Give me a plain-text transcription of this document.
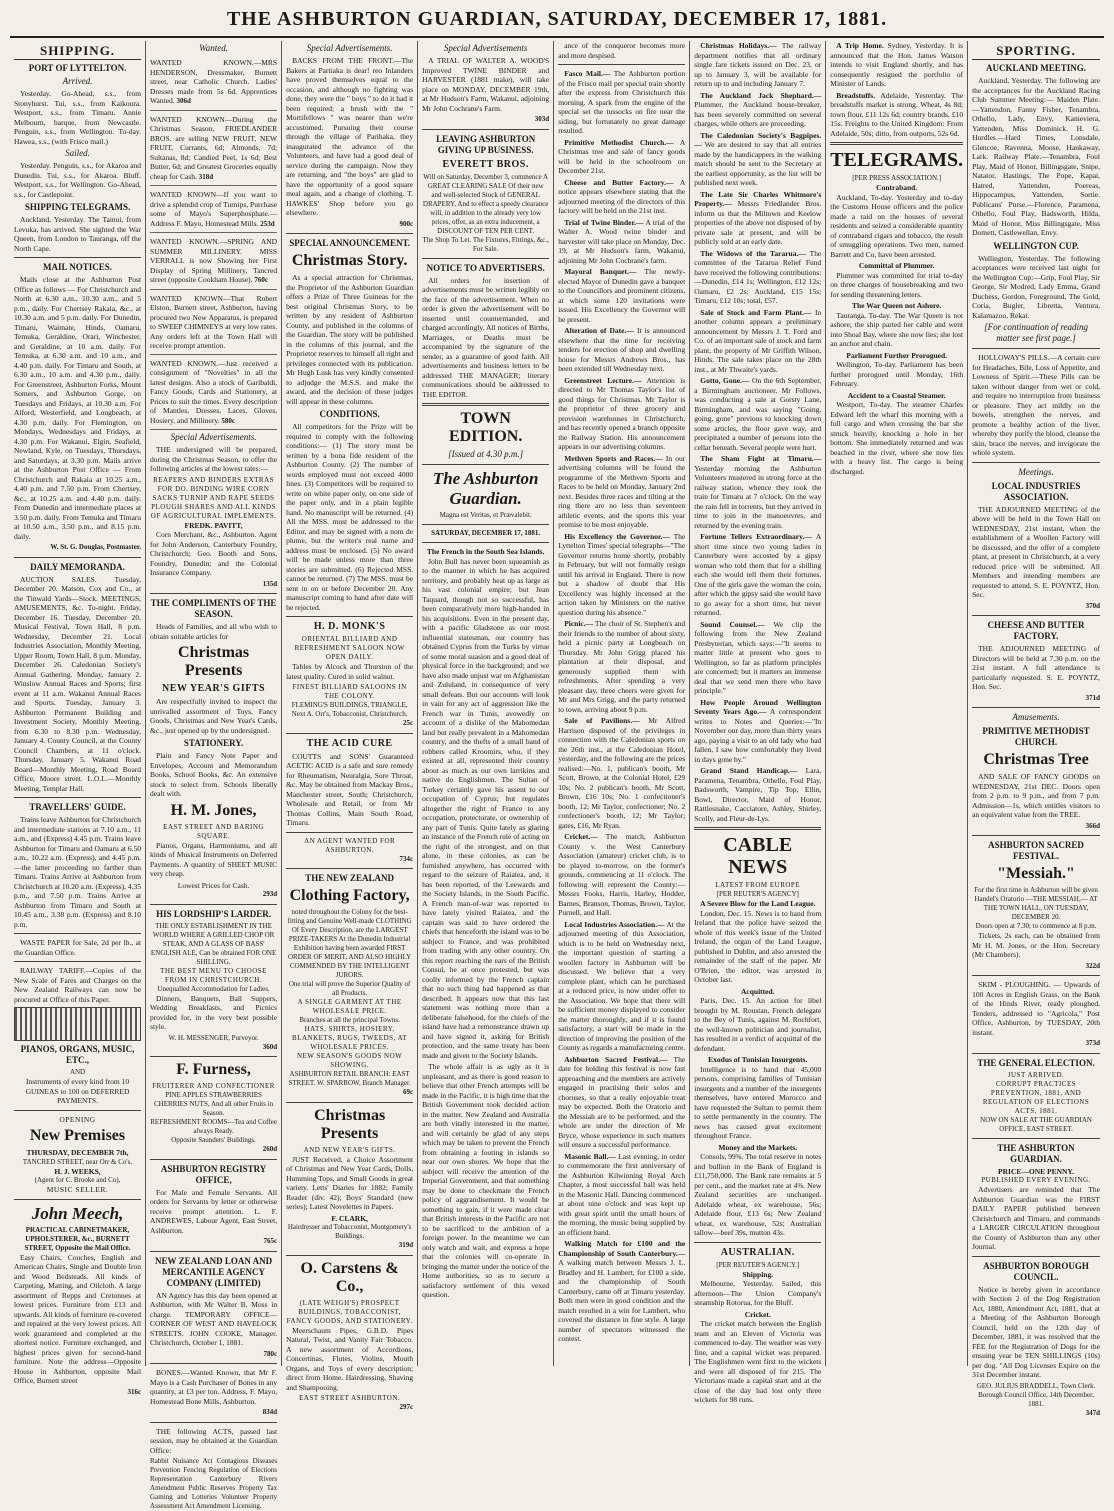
THE ASHBURTON GUARDIAN, SATURDAY, DECEMBER 17, 1881.
SHIPPING.
PORT OF LYTTELTON.
Arrived.
Yesterday. Go-Ahead, s.s., from Stonyhurst. Tui, s.s., from Kaikoura. Westport, s.s., from Timaru. Annie Melbourn, barque, from Newcastle. Penguin, s.s., from Wellington. To-day. Hawea, s.s., (with Frisco mail.)
Sailed.
Yesterday. Penguin, s.s., for Akaroa and Dunedin. Tui, s.s., for Akaroa. Bluff. Westport, s.s., for Wellington. Go-Ahead, s.s., for Castlepoint.
SHIPPING TELEGRAMS.
Auckland, Yesterday. The Tainui, from Levuka, has arrived. She sighted the War Queen, from London to Tauranga, off the North Cape.
MAIL NOTICES.
Mails close at the Ashburton Post Office as follows — For Christchurch and North at 6.30 a.m., 10.30 a.m., and 5 p.m., daily. For Chertsey Rakaia, &c., at 10.30 a.m. and 5 p.m. daily. For Dunedin, Timaru, Waimate, Hinds, Oamaru, Temuka, Geraldine, Orari, Winchester, and Geraldine, at 10 a.m. daily. For Temuka, at 6.30 a.m. and 10 a.m., and 4.40 p.m. daily. For Timaru and South, at 6.30 a.m., 10 a.m. and 4.30 p.m., daily. For Greenstreet, Ashburton Forks, Mount Somers, and Ashburton Gorge, on Tuesdays and Fridays, at 10.30 a.m. For Alford, Westerfield, and Longbeach, at 4.30 p.m. daily. For Flemington, on Mondays, Wednesdays and Fridays, at 4.30 p.m. For Wakanui, Elgin, Seafield, Newland, Kyle, on Tuesdays, Thursdays, and Saturdays, at 3.30 p.m. Mails arrive at the Ashburton Post Office — From Christchurch and Rakaia at 10.25 a.m., 4.40 p.m. and 7.50 p.m. From Chertsey, &c., at 10.25 a.m. and 4.40 p.m. daily. From Dunedin and intermediate places at 3.50 p.m. daily. From Temuka and Timaru at 10.50 a.m., 3.50 p.m., and 8.15 p.m. daily.
W. St. G. Douglas, Postmaster.
DAILY MEMORANDA.
AUCTION SALES. Tuesday, December 20. Matson, Cox and Co., at the Tinwald Yards—Stock. MEETINGS, AMUSEMENTS, &c. To-night. Friday, December 16. Tuesday, December 20. Musical Festival, Town Hall, 8 p.m. Wednesday, December 21. Local Industries Association, Monthly Meeting, Upper Room, Town Hall, 8 p.m. Monday, December 26. Caledonian Society's Annual Gathering. Monday, January 2. Winslow Annual Races and Sports; first event at 11 a.m. Wakanui Annual Races and Sports. Tuesday, January 3. Ashburton Permanent Building and Investment Society, Monthly Meeting, from 6.30 to 8.30 p.m. Wednesday, January 4. County Council, at the County Council Chambers, at 11 o'clock. Thursday, January 5. Wakanui Road Board—Monthly Meeting, Road Board Office, Moore street. L.O.L.—Monthly Meeting, Templar Hall.
TRAVELLERS' GUIDE.
Trains leave Ashburton for Christchurch and intermediate stations at 7.10 a.m., 11 a.m., and (Express) 4.45 p.m. Trains leave Ashburton for Timaru and Oamaru at 6.50 a.m., 10.22 a.m. (Express), and 4.45 p.m.—the latter proceeding no farther than Timaru. Trains Arrive at Ashburton from Christchurch at 10.20 a.m. (Express), 4.35 p.m., and 7.50 p.m. Trains Arrive at Ashburton from Timaru and South at 10.45 a.m., 3.38 p.m. (Express) and 8.10 p.m.
WASTE PAPER for Sale, 2d per lb., at the Guardian Office.
RAILWAY TARIFF.—Copies of the New Scale of Fares and Charges on the New Zealand Railways can now be procured at Office of this Paper.
PIANOS, ORGANS, MUSIC, ETC.,
AND
Instruments of every kind from 10 GUINEAS to 100 on DEFERRED PAYMENTS.
OPENING
New Premises
THURSDAY, DECEMBER 7th,
TANCRED STREET, near Orr & Co's.
H. J. WEEKS,
(Agent for C. Brooke and Co),
MUSIC SELLER.
John Meech,
PRACTICAL CABINETMAKER, UPHOLSTERER, &c., BURNETT STREET, Opposite the Mail Office.
Easy Chairs, Couches, English and American Chairs, Single and Double Iron and Wood Bedsteads. All kinds of Carpeting, Matting, and Oilcloth. A large assortment of Repps and Cretonnes at lowest prices. Furniture from £13 and upwards. All kinds of furniture re-covered and repaired at the very lowest prices. All work guaranteed and completed at the shortest notice. Furniture exchanged, and highest prices given for second-hand furniture. Note the address—Opposite House in Ashburton, opposite Mail Office, Burnett street
316c
Wanted.
WANTED KNOWN.—MRS HENDERSON, Dressmaker, Burnett street, near Catholic Church. Ladies' Dresses made from 5s 6d. Apprentices Wanted. 306d
WANTED KNOWN—During the Christmas Season, FRIEDLANDER BROS. are selling NEW FRUIT, NEW FRUIT, Currants, 6d; Almonds, 7d; Sultanas, 8d; Candied Peel, 1s 6d; Best Butter, 6d; and Greatest Groceries equally cheap for Cash. 318d
WANTED KNOWN—If you want to drive a splendid crop of Turnips, Purchase some of Mayo's Superphosphate.—Address F. Mayo, Homestead Mills. 253d
WANTED KNOWN.—SPRING AND SUMMER MILLINERY. MISS VERRALL is now Showing her First Display of Spring Millinery, Tancred street (opposite Cookham House). 760c
WANTED KNOWN—That Robert Elston, Burnett street, Ashburton, having procured two New Apparatus, is prepared to SWEEP CHIMNEYS at very low rates. Any orders left at the Town Hall will receive prompt attention.
WANTED KNOWN.—Just received a consignment of "Novelties" in all the latest designs. Also a stock of Garibaldi, Fancy Goods, Cards and Stationery, at Prices to suit the times. Every description of Mantles, Dresses, Laces, Gloves, Hosiery, and Millinery. 580c
Special Advertisements.
THE undersigned will be prepared, during the Christmas Season, to offer the following articles at the lowest rates:—
REAPERS AND BINDERS EXTRAS FOR DO. BINDING WIRE CORN SACKS TURNIP AND RAPE SEEDS PLOUGH SHARES AND ALL KINDS OF AGRICULTURAL IMPLEMENTS.
FREDK. PAVITT,
Corn Merchant, &c., Ashburton. Agent for John Anderson, Canterbury Foundry, Christchurch; Geo. Booth and Sons, Foundry, Dunedin; and the Colonial Insurance Company.
135d
THE COMPLIMENTS OF THE SEASON.
Heads of Families, and all who wish to obtain suitable articles for
Christmas Presents
NEW YEAR'S GIFTS
Are respectfully invited to inspect the unrivalled assortment of Toys, Fancy Goods, Christmas and New Year's Cards, &c., just opened up by the undersigned.
STATIONERY.
Plain and Fancy Note Paper and Envelopes, Account and Memorandum Books, School Books, &c. An extensive stock to select from. Schools liberally dealt with.
H. M. Jones,
EAST STREET AND BARING SQUARE.
Pianos, Organs, Harmoniums, and all kinds of Musical Instruments on Deferred Payments. A quantity of SHEET MUSIC very cheap.
Lowest Prices for Cash.
293d
HIS LORDSHIP'S LARDER.
THE ONLY ESTABLISHMENT IN THE WORLD WHERE A GRILLED CHOP OR STEAK, AND A GLASS OF BASS' ENGLISH ALE, Can be obtained FOR ONE SHILLING.
THE BEST MENU TO CHOOSE FROM IN CHRISTCHURCH.
Unequalled Accommodation for Ladies.
Dinners, Banquets, Ball Suppers, Wedding Breakfasts, and Picnics provided for, in the very best possible style.
W. H. MESSENGER, Purveyor.
360d
F. Furness,
FRUITERER AND CONFECTIONER
PINE APPLES STRAWBERRIES CHERRIES NUTS, And all other Fruits in Season.
REFRESHMENT ROOMS—Tea and Coffee always Ready.
Opposite Saunders' Buildings.
260d
ASHBURTON REGISTRY OFFICE,
For Male and Female Servants. All orders for Servants by letter or otherwise receive prompt attention. L. F. ANDREWES, Labour Agent, East Street, Ashburton.
765c
NEW ZEALAND LOAN AND MERCANTILE AGENCY COMPANY (LIMITED)
AN Agency has this day been opened at Ashburton, with Mr Walter B. Moss in charge. TEMPORARY OFFICE— CORNER OF WEST AND HAVELOCK STREETS. JOHN COOKE, Manager. Christchurch, October 1, 1881.
780c
BONES.—Wanted Known, that Mr F. Mayo is a Cash Purchaser of Bones in any quantity, at £3 per ton. Address, F. Mayo, Homestead Bone Mills, Ashburton.
834d
THE following ACTS, passed last session, may be obtained at the Guardian Office:
Rabbit Nuisance Act Contagious Diseases Prevention Fencing Regulation of Elections Representation Canterbury Rivers Amendment Public Reserves Property Tax Gaming and Lotteries Volunteer Property Assessment Act Amendment Licensing.
Special Advertisements.
BACKS FROM THE FRONT.—The Bakers at Partiaka is dear! reo Inlanders have proved themselves equal to the occasion, and although no fighting was done, they were the " boys " to do it had it been required; a brush with the " Mortifellows " was nearer than we're accustomed. Pursuing their course through the village of Parihaka, they inaugurated the advance of the Volunteers, and have had a good deal of service during the campaign. Now they are returning, and "the boys" are glad to have the opportunity of a good square meal again, and a change of clothing. T. HAWKES' Shop before you go elsewhere.
900c
SPECIAL ANNOUNCEMENT.
Christmas Story.
As a special attraction for Christmas, the Proprietor of the Ashburton Guardian offers a Prize of Three Guineas for the best original Christmas Story, to be written by any resident of Ashburton County, and published in the columns of the Guardian. The story will be published in the columns of this journal, and the Proprietor reserves to himself all right and privileges connected with its publication. Mr Hugh Lusk has very kindly consented to adjudge the M.S.S. and make the award, and the decision of these judges will appear in these columns.
CONDITIONS.
All competitors for the Prize will be required to comply with the following conditions:— (1) The story must be written by a bona fide resident of the Ashburton County. (2) The number of words employed must not exceed 4000 lines. (3) Competitors will be required to write on white paper only, on one side of the paper only, and in a plain legible hand. No manuscript will be returned. (4) All the MSS. must be addressed to the Editor, and may be signed with a nom de plume, but the writer's real name and address must be enclosed. (5) No award will be made unless more than three stories are submitted. (6) Rejected MSS. cannot be returned. (7) The MSS. must be sent in on or before December 20. Any manuscript coming to hand after date will be rejected.
H. D. MONK'S
ORIENTAL BILLIARD AND REFRESHMENT SALOON NOW OPEN DAILY.
Tables by Alcock and Thurston of the latest quality. Cured in solid walnut.
FINEST BILLIARD SALOONS IN THE COLONY.
FLEMING'S BUILDINGS, TRIANGLE, Next A. Orr's, Tobacconist, Christchurch.
25c
THE ACID CURE
COUTTS and SONS' Guaranteed ACETIC ACID is a safe and sure remedy for Rheumatism, Neuralgia, Sore Throat, &c. May be obtained from Mackay Bros., Manchester street, South; Christchurch, Wholesale and Retail, or from Mr Thomas Collins, Main South Road, Timaru.
AN AGENT WANTED FOR ASHBURTON.
734c
THE NEW ZEALAND
Clothing Factory,
noted throughout the Colony for the best-fitting and Genuine Well-made CLOTHING Of Every Description, are the LARGEST PRIZE-TAKERS At the Dunedin Industrial Exhibition having been awarded FIRST ORDER OF MERIT, AND ALSO HIGHLY COMMENDED BY THE INTELLIGENT JURORS.
One trial will prove the Superior Quality of all Products.
A SINGLE GARMENT AT THE WHOLESALE PRICE.
Branches at all the principal Towns.
HATS, SHIRTS, HOSIERY, BLANKETS, RUGS, TWEEDS, AT WHOLESALE PRICES.
NEW SEASON'S GOODS NOW SHOWING.
ASHBURTON RETAIL BRANCH: EAST STREET. W. SPARROW, Branch Manager.
69c
Christmas Presents
AND NEW YEAR'S GIFTS.
JUST Received, a Choice Assortment of Christmas and New Year Cards, Dolls, Humming Tops, and Small Goods in great variety. Letts' Diaries for 1882; Family Reader (div. 42); Boys' Standard (new series); Latest Novelettes in Papers.
F. CLARK,
Hairdresser and Tobacconist, Montgomery's Buildings.
319d
O. Carstens & Co.,
(LATE WEIGH'S) PROSPECT BUILDINGS, TOBACCONIST, FANCY GOODS, AND STATIONERY.
Meerschaum Pipes, G.B.D. Pipes Natural, Twist, and Vanity Fair Tobacco. A new assortment of Accordions, Concertinas, Flutes, Violins, Mouth Organs, and Toys of every description; direct from Home. Hairdressing, Shaving and Shampooing.
EAST STREET ASHBURTON.
297c
Special Advertisements
A TRIAL OF WALTER A. WOOD'S Improved TWINE BINDER and HARVESTER (1881 make), will take place on MONDAY, DECEMBER 19th, at Mr Hudson's Farm, Wakanui, adjoining Mr John Cochrane's Farm.
303d
LEAVING ASHBURTON GIVING UP BUSINESS.
EVERETT BROS.
Will on Saturday, December 3, commence A GREAT CLEARING SALE Of their new and well-selected Stock of GENERAL DRAPERY, And to effect a speedy clearance will, in addition to the already very low prices, offer, as an extra inducement, a DISCOUNT OF TEN PER CENT.
The Shop To Let. The Fixtures, Fittings, &c., For Sale.
NOTICE TO ADVERTISERS.
All orders for insertion of advertisements must be written legibly on the face of the advertisement. When no order is given the advertisement will be inserted until countermanded, and charged accordingly. All notices of Births, Marriages, or Deaths must be accompanied by the signature of the sender, as a guarantee of good faith. All advertisements and business letters to be addressed THE MANAGER; literary communications should be addressed to THE EDITOR.
TOWN EDITION.
[Issued at 4.30 p.m.]
The Ashburton Guardian.
Magna est Veritas, et Prævalebit.
SATURDAY, DECEMBER 17, 1881.
The French in the South Sea Islands.
John Bull has never been squeamish as to the manner in which he has acquired territory, and probably heat up as large as his vast colonial empire; but Jean Taquard, though not so successful, has been comparatively more high-handed in his acquisitions. Even in the present day, with a pacific Gladstone as our most influential statesman, our country has obtained Cyprus from the Turks by virtue of some moral suasion and a good deal of physical force in the background; and we have also made unjust war on Afghanistan and Zululand, in consequence of very small defeats. But our accounts will look in vain for any act of aggression like the French war in Tunis, avowedly on account of a dislike of the Mahomedan land but really prevalent in a Mahomedan country, and the thefts of a small band of robbers called Kroomirs, who, if they existed at all, represented their country about as much as our own larrikins and native do Englishmen. The Sultan of Turkey certainly gave his assent to our occupation of Cyprus; but regulates altogether the right of France to any occupation, protectorate, or ownership of any part of Tunis. Quite lately as glaring an instance of the French rule of acting on the right of the strongest, and on that alone, in these colonies, as can be furnished anywhere, has occurred with regard to the seizure of Raiatea, and, it has been reported, of the Leewards and the Society Islands, in the South Pacific. A French man-of-war was reported to have lately visited Raiatea, and the captain was said to have ordered the chiefs that henceforth the island was to be subject to France, and was prohibited from trading with any other country. On this report reaching the ears of the British Consul, he at once protested, but was coolly informed by the French captain that no such thing had happened as that described. It appears now that this last statement was nothing more than a deliberate falsehood, for the chiefs of the island have had a remonstrance drawn up and have signed it, asking for British protection, and the same treaty has been made and given to the Society Islands.
The whole affair is as ugly as it is unpleasant, and as there is good reason to believe that other French attempts will be made in the Pacific, it is high time that the British Government took decided action in the matter. New Zealand and Australia are both vitally interested in the matter, and will certainly be glad of any steps which may be taken to prevent the French from obtaining a footing in islands so near our own shores. We hope that the subject will receive the attention of the Imperial Government, and that something may be done to checkmate the French policy of aggrandisement. It would be something to gain, if it were made clear that British interests in the Pacific are not to be sacrificed to the ambition of a foreign power. In the meantime we can only watch and wait, and express a hope that the colonies will co-operate in bringing the matter under the notice of the Home authorities, so as to secure a satisfactory settlement of this vexed question.
ance of the conqueror becomes more and more despised.
Fasco Mail.— The Ashburton portion of the Frisco mail per special train shortly after the express from Christchurch this morning. A spark from the engine of the special set the tussocks on fire near the siding, but fortunately no great damage resulted.
Primitive Methodist Church.— A Christmas tree and sale of fancy goods will be held in the schoolroom on December 21st.
Cheese and Butter Factory.— A notice appears elsewhere stating that the adjourned meeting of the directors of this factory will be held on the 21st inst.
Trial of Twine Binder.— A trial of the Walter A. Wood twine binder and harvester will take place on Monday, Dec. 19, at Mr Hudson's farm, Wakanui, adjoining Mr John Cochrane's farm.
Mayoral Banquet.— The newly-elected Mayor of Dunedin gave a banquet to the Councillors and prominent citizens, at which some 120 invitations were issued. His Excellency the Governor will be present.
Alteration of Date.— It is announced elsewhere that the time for receiving tenders for erection of shop and dwelling house for Messrs Andrews Bros., has been extended till Wednesday next.
Greenstreet Lecture.— Attention is directed to Mr Thomas Taylor's list of good things for Christmas. Mr Taylor is the proprietor of three grocery and provision warehouses in Christchurch, and has recently opened a branch opposite the Railway Station. His announcement appears in our advertising columns.
Methven Sports and Races.— In our advertising columns will be found the programme of the Methven Sports and Races to be held on Monday, January 2nd next. Besides three races and tilting at the ring there are no less than seventeen athletic events, and the sports this year promise to be most enjoyable.
His Excellency the Governor.— The Lyttelton Times' special telegraphs—"The Governor returns home shortly, probably in February, but will not formally resign until his arrival in England. There is now but a shadow of doubt that His Excellency was highly incensed at the action taken by Ministers on the native question during his absence."
Picnic.— The choir of St. Stephen's and their friends to the number of about sixty, held a picnic party at Longbeach on Thursday. Mr John Grigg placed his plantation at their disposal, and generously supplied them with refreshments. After spending a very pleasant day, three cheers were given for Mr and Mrs Grigg, and the party returned to town, arriving about 9 p.m.
Sale of Pavilions.— Mr Alfred Harrison disposed of the privileges in connection with the Caledonian sports on the 26th inst., at the Caledonian Hotel, yesterday, and the following are the prices realised:—No. 1, publican's booth, Mr Scott, Brown, at the Colonial Hotel, £29 10s; No. 2 publican's booth, Mr Scott, Brown, £16 10s; No. 1 confectioner's booth, 12; Mr Taylor, confectioner; No. 2 confectioner's booth, 12; Mr Taylor; gates, £16, Mr Ryan.
Cricket.— The match, Ashburton County v. the West Canterbury Association (amateur) cricket club, is to be played to-morrow, on the former's grounds, commencing at 11 o'clock. The following will represent the County:—Messrs Fooks, Harris, Harley, Hodder, Barnes, Branson, Thomas, Brown, Taylor, Purnell, and Hall.
Local Industries Association.— At the adjourned meeting of this Association, which is to be held on Wednesday next, the important question of starting a woollen factory in Ashburton will be discussed. We believe that a very complete plant, which can be purchased at a reduced price, is now under offer to the Association. We hope that there will be sufficient money displayed to consider the matter thoroughly, and if it is found satisfactory, a start will be made in the direction of improving the position of the County as regards a manufacturing centre.
Ashburton Sacred Festival.— The date for holding this festival is now fast approaching and the members are actively engaged in practising their solos and choruses, so that a really enjoyable treat may be expected. Both the Oratorio and the Messiah are to be performed, and the whole are under the direction of Mr Bryce, whose experience in such matters will ensure a successful performance.
Masonic Ball.— Last evening, in order to commemorate the first anniversary of the Ashburton Kilwinning Royal Arch Chapter, a most successful ball was held in the Masonic Hall. Dancing commenced at about nine o'clock and was kept up with great spirit until the small hours of the morning, the music being supplied by an efficient band.
Walking Match for £100 and the Championship of South Canterbury.— A walking match between Messrs J. L. Bradley and H. Lambert, for £100 a side, and the championship of South Canterbury, came off at Timaru yesterday. Both men were in good condition and the match resulted in a win for Lambert, who covered the distance in fine style. A large number of spectators witnessed the contest.
Christmas Holidays.— The railway department notifies that all ordinary single fare tickets issued on Dec. 23, or up to January 3, will be available for return up to and including January 7.
The Auckland Jack Shephard.— Plummer, the Auckland house-breaker, has been severely committed on several charges, while others are proceeding.
The Caledonian Society's Bagpipes.— We are desired to say that all entries made by the handicappers in the walking match should be sent to the Secretary at the earliest opportunity, as the list will be published next week.
The Late Sir Charles Whitmore's Property.— Messrs Friedlander Bros. inform us that the Miltown and Keelow properties of the above not disposed of by private sale at present, and will be publicly sold at an early date.
The Widows of the Tararua.— The committee of the Tararua Relief Fund have received the following contributions:—Dunedin, £14 1s; Wellington, £12 12s; Oamaru, £2 2s; Auckland, £15 15s; Timaru, £12 10s; total, £57.
Sale of Stock and Farm Plant.— In another column appears a preliminary announcement by Messrs J. T. Ford and Co. of an important sale of stock and farm plant, the property of Mr Griffith Wilson, Hinds. The sale takes place on the 28th inst., at Mr Thwaite's yards.
Gotto, Gone.— On the 6th September, a Birmingham auctioneer, Mr Follows, was conducting a sale at Gorsty Lane, Birmingham, and was saying "Going, going, gone" previous to knocking down some articles, the floor gave way, and precipitated a number of persons into the cellar beneath. Several people were hurt.
The Sham Fight at Timaru.— Yesterday morning the Ashburton Volunteers mustered in strong force at the railway station, whence they took the train for Timaru at 7 o'clock. On the way the rain fell in torrents, but they arrived in time to join in the manoeuvres, and returned by the evening train.
Fortune Tellers Extraordinary.— A short time since two young ladies in Canterbury were accosted by a gipsy woman who told them that for a shilling each she would tell them their fortunes. One of the girls gave the woman the coin, after which the gipsy said she would have to go away for a short time, but never returned.
Sound Counsel.— We clip the following from the New Zealand Presbyterian, which says:—"It seems to matter little at present who goes to Wellington, so far as platform principles are concerned; but it matters an immense deal that we send men there who have principle."
How People Around Wellington Seventy Years Ago.— A correspondent writes to Notes and Queries:—"In November our day, more than thirty years ago, paying a visit to an old lady who had fallen, I saw how comfortably they lived in days gone by."
Grand Stand Handicap.— Lara, Paramena, Tenambra, Othello, Foul Play, Badsworth, Vampire, Tip Top, Ellin, Bowl, Director, Maid of Honor, Rattlesnake, Cacciatore, Ashley, Shirley, Scolly, and Fleur-de-Lys.
CABLE NEWS
LATEST FROM EUROPE
[PER REUTER'S AGENCY]
A Severe Blow for the Land League.
London, Dec. 15. News is to hand from Ireland that the police have seized the whole of this week's issue of the United Ireland, the organ of the Land League, published in Dublin, and also arrested the remainder of the staff of the paper. Mr O'Brien, the editor, was arrested in October last.
Acquitted.
Paris, Dec. 15. An action for libel brought by M. Roustan, French delegate to the Bey of Tunis, against M. Rochfort, the well-known politician and journalist, has resulted in a verdict of acquittal of the defendant.
Exodus of Tunisian Insurgents.
Intelligence is to hand that 45,000 persons, comprising families of Tunisian insurgents and a number of the insurgents themselves, have entered Morocco and have requested the Sultan to permit them to settle permanently in the country. The news has caused great excitement throughout France.
Money and the Markets.
Consols, 99⅝. The total reserve in notes and bullion in the Bank of England is £11,750,000. The Bank rate remains at 5 per cent., and the market rate at 4⅜. New Zealand securities are unchanged. Adelaide wheat, ex warehouse, 56s; Adelaide flour, £13 6s; New Zealand wheat, ex warehouse, 52s; Australian tallow—beef 39s, mutton 43s.
AUSTRALIAN.
[PER REUTER'S AGENCY.]
Shipping.
Melbourne, Yesterday. Sailed, this afternoon—The Union Company's steamship Rotorua, for the Bluff.
Cricket.
The cricket match between the English team and an Eleven of Victoria was commenced to-day. The weather was very fine, and a capital wicket was prepared. The Englishmen went first to the wickets and were all disposed of for 215. The Victorians made a capital start and at the close of the day had lost only three wickets for 98 runs.
A Trip Home. Sydney, Yesterday. It is announced that the Hon. James Watson intends to visit England shortly, and has consequently resigned the portfolio of Minister of Lands.
Breadstuffs. Adelaide, Yesterday. The breadstuffs market is strong. Wheat, 4s 8d; town flour, £11 12s 6d; country brands, £10 15s. Freights to the United Kingdom: From Adelaide, 50s; ditto, from outports, 52s 6d.
TELEGRAMS.
[PER PRESS ASSOCIATION.]
Contraband.
Auckland, To-day. Yesterday and to-day the Customs House officers and the police made a raid on the houses of several residents and seized a considerable quantity of contraband cigars and tobacco, the result of smuggling operations. Two men, named Barrett and Co, have been arrested.
Committal of Plummer.
Plummer was committed for trial to-day on three charges of housebreaking and two for sending threatening letters.
The War Queen not Ashore.
Tauranga, To-day. The War Queen is not ashore; the ship parted her cable and went into Shoal Bay, where she now lies; she lost an anchor and chain.
Parliament Further Prorogued.
Wellington, To-day. Parliament has been further prorogued until Monday, 16th February.
Accident to a Coastal Steamer.
Westport, To-day. The steamer Charles Edward left the wharf this morning with a full cargo and when crossing the bar she struck heavily, knocking a hole in her bottom. She immediately returned and was beached in the river, where she now lies with a heavy list. The cargo is being discharged.
SPORTING.
AUCKLAND MEETING.
Auckland, Yesterday. The following are the acceptances for the Auckland Racing Club Summer Meeting:— Maiden Plate.—Yattendon, Fanny Fisher, Tenambra, Othello, Lady, Envy, Kanieviera, Yattenden, Miss Dominick. H. G. Hurdles.—Hard Times, Lonsdale, Glencoe, Ravenna, Moose, Hankaway, Lark. Railway Plate.—Tenambra, Foul Play, Maid of Honor, Billingsgate, Snipe, Natator, Hastings, The Pope, Kapai, Hatred, Yattenden, Poereas, Hippocampus, Yattenden, Sortie. Publicans' Purse.—Florence, Paramena, Othello, Foul Play, Badsworth, Hilda, Maid of Honor, Miss Billingsgate, Miss Domett, Castlewellan, Envy.
WELLINGTON CUP.
Wellington, Yesterday. The following acceptances were received last night for the Wellington Cup:—Grip, Foul Play, Sir George, Sir Modred, Lady Emma, Grand Duchess, Gordon, Foreground, The Gold, Coria, Bugler, Libretta, Ventura, Kalamazoo, Rekai.
[For continuation of reading matter see first page.]
HOLLOWAY'S PILLS.—A certain cure for Headaches, Bile, Loss of Appetite, and Lowness of Spirit.—These Pills can be taken without danger from wet or cold, and require no interruption from business or pleasure. They act mildly on the bowels, strengthen the nerves, and promote a healthy action of the liver, whereby they purify the blood, cleanse the skin, brace the nerves, and invigorate the whole system.
Meetings.
LOCAL INDUSTRIES ASSOCIATION.
THE ADJOURNED MEETING of the above will be held in the Town Hall on WEDNESDAY, 21st instant, when the establishment of a Woollen Factory will be discussed, and the offer of a complete plant, at present in Christchurch, at a very reduced price will be submitted. All Members and intending members are requested to attend. S. E. POYNTZ, Hon. Sec.
370d
CHEESE AND BUTTER FACTORY.
THE ADJOURNED MEETING of Directors will be held at 7.30 p.m. on the 21st instant. A full attendance is particularly requested. S. E. POYNTZ, Hon. Sec.
371d
Amusements.
PRIMITIVE METHODIST CHURCH.
Christmas Tree
AND SALE OF FANCY GOODS on WEDNESDAY, 21st DEC. Doors open from 2 p.m. to 9 p.m., and from 7 p.m. Admission—1s, which entitles visitors to an equivalent value from the TREE.
366d
ASHBURTON SACRED FESTIVAL.
"Messiah."
For the first time in Ashburton will be given Handel's Oratorio —THE MESSIAH,— AT THE TOWN HALL, ON TUESDAY, DECEMBER 20.
Doors open at 7.30; to commence at 8 p.m.
Tickets, 2s each, can be obtained from Mr H. M. Jones, or the Hon. Secretary (Mr Chambers).
322d
SKIM - PLOUGHING. — Upwards of 100 Acres in English Grass, on the Bank of the Hinds River, ready ploughed. Tenders, addressed to "Agricola," Post Office, Ashburton, by TUESDAY, 20th instant.
373d
THE GENERAL ELECTION.
JUST ARRIVED.
CORRUPT PRACTICES PREVENTION, 1881, AND REGULATION OF ELECTIONS ACTS, 1881.
NOW ON SALE AT THE GUARDIAN OFFICE, EAST STREET.
THE ASHBURTON GUARDIAN.
PRICE—ONE PENNY.
PUBLISHED EVERY EVENING.
Advertisers are reminded that The Ashburton Guardian was the FIRST DAILY PAPER published between Christchurch and Timaru, and commands a LARGER CIRCULATION throughout the County of Ashburton than any other Journal.
ASHBURTON BOROUGH COUNCIL.
Notice is hereby given in accordance with Section 2 of the Dog Registration Act, 1880, Amendment Act, 1881, that at a Meeting of the Ashburton Borough Council, held on the 12th day of December, 1881, it was resolved that the FEE for the Registration of Dogs for the ensuing year be TEN SHILLINGS (10s) per dog. "All Dog Licenses Expire on the 31st December instant.
GEO. JULIUS BRADDELL, Town Clerk. Borough Council Office, 14th December, 1881.
347d
